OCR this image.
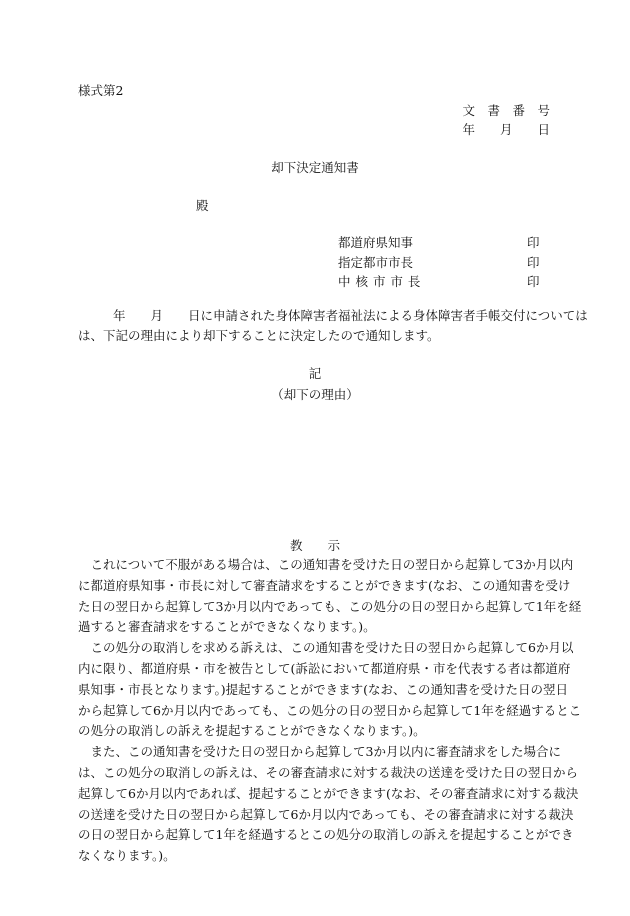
様式第2
文　書　番　号
年　　月　　日
却下決定通知書
殿
都道府県知事	印
指定都市市長	印
中 核 市 市 長	印
年　　月　　日に申請された身体障害者福祉法による身体障害者手帳交付については
は、下記の理由により却下することに決定したので通知します。
記
（却下の理由）
教　　示
　これについて不服がある場合は、この通知書を受けた日の翌日から起算して3か月以内
に都道府県知事・市長に対して審査請求をすることができます(なお、この通知書を受け
た日の翌日から起算して3か月以内であっても、この処分の日の翌日から起算して1年を経
過すると審査請求をすることができなくなります。)。
　この処分の取消しを求める訴えは、この通知書を受けた日の翌日から起算して6か月以
内に限り、都道府県・市を被告として(訴訟において都道府県・市を代表する者は都道府
県知事・市長となります。)提起することができます(なお、この通知書を受けた日の翌日
から起算して6か月以内であっても、この処分の日の翌日から起算して1年を経過するとこ
の処分の取消しの訴えを提起することができなくなります。)。
　また、この通知書を受けた日の翌日から起算して3か月以内に審査請求をした場合に
は、この処分の取消しの訴えは、その審査請求に対する裁決の送達を受けた日の翌日から
起算して6か月以内であれば、提起することができます(なお、その審査請求に対する裁決
の送達を受けた日の翌日から起算して6か月以内であっても、その審査請求に対する裁決
の日の翌日から起算して1年を経過するとこの処分の取消しの訴えを提起することができ
なくなります。)。
